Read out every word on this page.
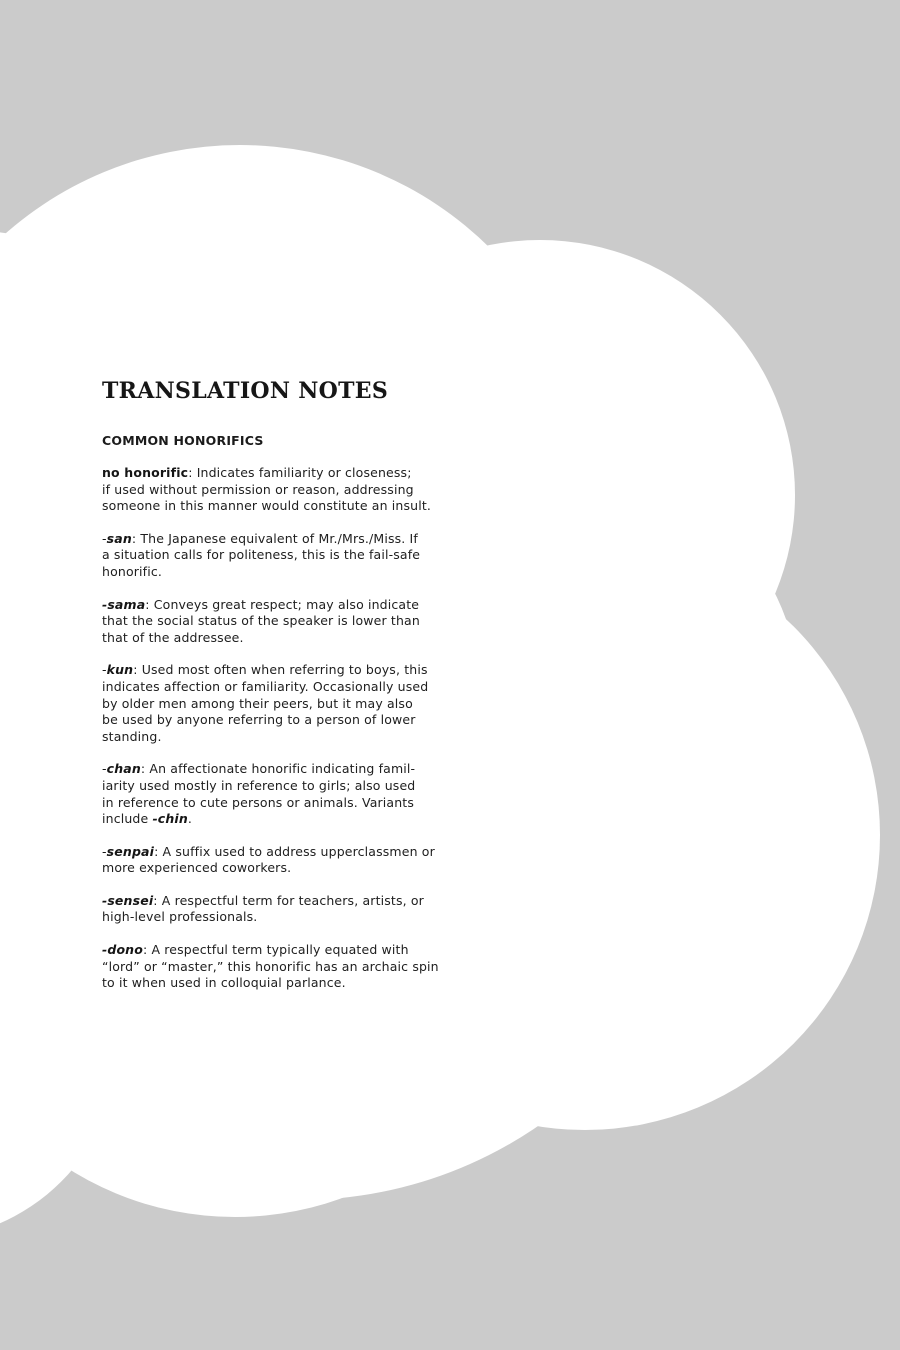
TRANSLATION NOTES
COMMON HONORIFICS
no honorific: Indicates familiarity or closeness;
if used without permission or reason, addressing
someone in this manner would constitute an insult.
-san: The Japanese equivalent of Mr./Mrs./Miss. If
a situation calls for politeness, this is the fail-safe
honorific.
-sama: Conveys great respect; may also indicate
that the social status of the speaker is lower than
that of the addressee.
-kun: Used most often when referring to boys, this
indicates affection or familiarity. Occasionally used
by older men among their peers, but it may also
be used by anyone referring to a person of lower
standing.
-chan: An affectionate honorific indicating famil-
iarity used mostly in reference to girls; also used
in reference to cute persons or animals. Variants
include -chin.
-senpai: A suffix used to address upperclassmen or
more experienced coworkers.
-sensei: A respectful term for teachers, artists, or
high-level professionals.
-dono: A respectful term typically equated with
“lord” or “master,” this honorific has an archaic spin
to it when used in colloquial parlance.
